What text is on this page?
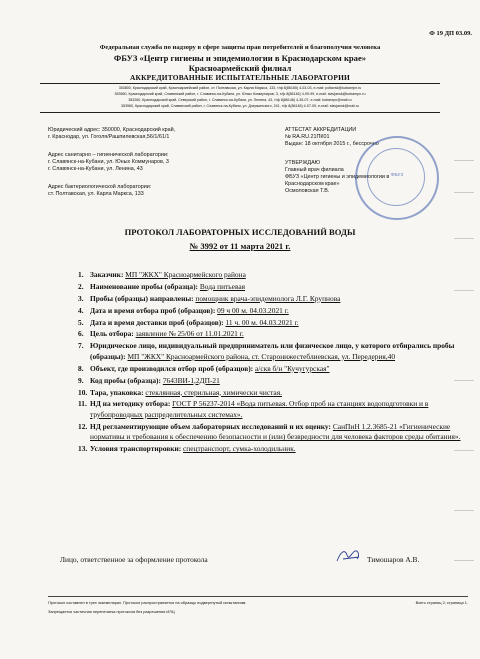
Ф 19 ДП 03.09.
Федеральная служба по надзору в сфере защиты прав потребителей и благополучия человека
ФБУЗ «Центр гигиены и эпидемиологии в Краснодарском крае»
Красноармейский филиал
АККРЕДИТОВАННЫЕ ИСПЫТАТЕЛЬНЫЕ ЛАБОРАТОРИИ
353800, Краснодарский край, Красноармейский район, ст. Полтавская, ул. Карла Маркса, 133, т/ф 8(86165) 4-03-03, e-mail: poltavsk@kubanrpn.ru
353560, Краснодарский край, Славянский район, г. Славянск-на-Кубани, ул. Юных Коммунаров, 3, т/ф 8(86146) 4-09-99, e-mail: slavjansk@kubanrpn.ru
353260, Краснодарский край, Северский район, г. Славянск-на-Кубани, ул. Ленина, 43, т/ф 8(86146) 4-35-07, e-mail: kubanrpn@mail.ru
353560, Краснодарский край, Славянский район, г. Славянск-на-Кубани, ул. Дзержинского, 241, т/ф 8(86146) 4-07-09, e-mail: slavjansk@mail.ru
Юридический адрес: 350000, Краснодарский край,
г. Краснодар, ул. Гоголя/Рашпилевская,56/1/61/1
Адрес санитарно – гигиенической лаборатории:
г. Славянск-на-Кубани, ул. Юных Коммунаров, 3
г. Славянск-на-Кубани, ул. Ленина, 43
Адрес бактериологической лаборатории:
ст. Полтавская, ул. Карла Маркса, 133
АТТЕСТАТ АККРЕДИТАЦИИ
№ RA.RU.21ПК01
Выдан: 18 октября 2015 г., бессрочно
УТВЕРЖДАЮ
Главный врач филиала
ФБУЗ «Центр гигиены и эпидемиологии в
Краснодарском крае»
Осмоловская Т.В.
ФБУЗ
ПРОТОКОЛ ЛАБОРАТОРНЫХ ИССЛЕДОВАНИЙ ВОДЫ
№ 3992 от 11 марта 2021 г.
1. Заказчик: МП "ЖКХ" Красноармейского района
2. Наименование пробы (образца): Вода питьевая
3. Пробы (образцы) направлены: помощник врача-эпидемиолога Л.Г. Крупнова
4. Дата и время отбора проб (образцов): 09 ч 00 м. 04.03.2021 г.
5. Дата и время доставки проб (образцов): 11 ч. 00 м. 04.03.2021 г.
6. Цель отбора: заявление № 25/06 от 11.01.2021 г.
7. Юридическое лицо, индивидуальный предприниматель или физическое лицо, у которого отбирались пробы (образцы): МП "ЖКХ" Красноармейского района, ст. Старонижестеблиевская, ул. Передерия,40
8. Объект, где производился отбор проб (образцов): а/скв б/н "Кучугурская"
9. Код пробы (образца): 7643ВИ-1,2ДП-21
10. Тара, упаковка: стеклянная, стерильная, химически чистая.
11. НД на методику отбора: ГОСТ Р 56237-2014 «Вода питьевая. Отбор проб на станциях водоподготовки и в трубопроводных распределительных системах».
12. НД регламентирующие объем лабораторных исследований и их оценку: СанПиН 1.2.3685-21 «Гигиенические нормативы и требования к обеспечению безопасности и (или) безвредности для человека факторов среды обитания».
13. Условия транспортировки: спецтранспорт, сумка-холодильник.
Лицо, ответственное за оформление протокола	Тимошаров А.В.
Протокол составлен в трех экземплярах. Протокол распространяется на образцы подвергнутый испытаниям.
Запрещается частичная перепечатка протокола без разрешения ИЛЦ
Всего страниц 2; страница 1.
